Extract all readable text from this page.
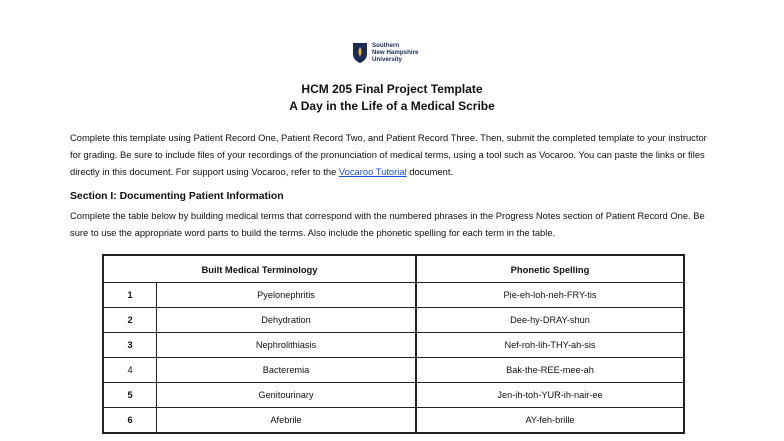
Southern
New Hampshire
University
HCM 205 Final Project Template
A Day in the Life of a Medical Scribe
Complete this template using Patient Record One, Patient Record Two, and Patient Record Three. Then, submit the completed template to your instructor for grading. Be sure to include files of your recordings of the pronunciation of medical terms, using a tool such as Vocaroo. You can paste the links or files directly in this document. For support using Vocaroo, refer to the Vocaroo Tutorial document.
Section I: Documenting Patient Information
Complete the table below by building medical terms that correspond with the numbered phrases in the Progress Notes section of Patient Record One. Be sure to use the appropriate word parts to build the terms. Also include the phonetic spelling for each term in the table.
Built Medical Terminology		Phonetic Spelling
1	Pyelonephritis	Pie-eh-loh-neh-FRY-tis
2	Dehydration	Dee-hy-DRAY-shun
3	Nephrolithiasis	Nef-roh-lih-THY-ah-sis
4	Bacteremia	Bak-the-REE-mee-ah
5	Genitourinary	Jen-ih-toh-YUR-ih-nair-ee
6	Afebrile	AY-feh-brille
